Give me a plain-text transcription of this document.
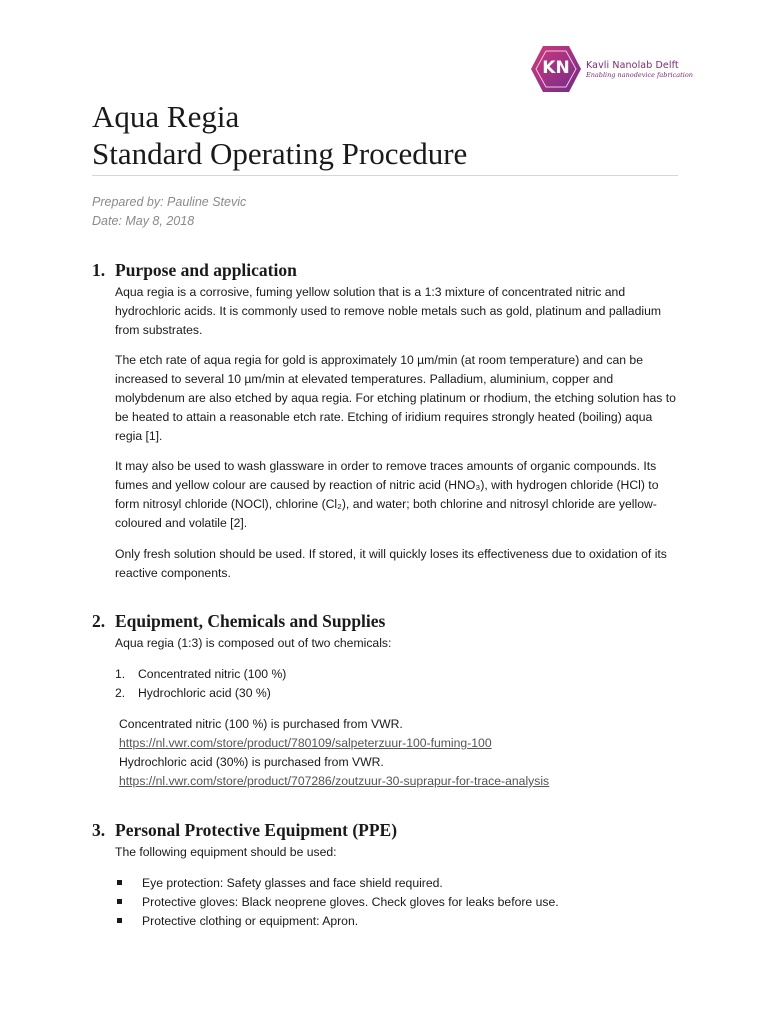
KN	Kavli Nanolab Delft
Enabling nanodevice fabrication
Aqua Regia
Standard Operating Procedure
Prepared by: Pauline Stevic
Date: May 8, 2018
1. Purpose and application
Aqua regia is a corrosive, fuming yellow solution that is a 1:3 mixture of concentrated nitric and hydrochloric acids. It is commonly used to remove noble metals such as gold, platinum and palladium from substrates.
The etch rate of aqua regia for gold is approximately 10 µm/min (at room temperature) and can be increased to several 10 µm/min at elevated temperatures. Palladium, aluminium, copper and molybdenum are also etched by aqua regia. For etching platinum or rhodium, the etching solution has to be heated to attain a reasonable etch rate. Etching of iridium requires strongly heated (boiling) aqua regia [1].
It may also be used to wash glassware in order to remove traces amounts of organic compounds. Its fumes and yellow colour are caused by reaction of nitric acid (HNO₃), with hydrogen chloride (HCl) to form nitrosyl chloride (NOCl), chlorine (Cl₂), and water; both chlorine and nitrosyl chloride are yellow-coloured and volatile [2].
Only fresh solution should be used. If stored, it will quickly loses its effectiveness due to oxidation of its reactive components.
2. Equipment, Chemicals and Supplies
Aqua regia (1:3) is composed out of two chemicals:
1. Concentrated nitric (100 %)
2. Hydrochloric acid (30 %)
Concentrated nitric (100 %) is purchased from VWR.
https://nl.vwr.com/store/product/780109/salpeterzuur-100-fuming-100
Hydrochloric acid (30%) is purchased from VWR.
https://nl.vwr.com/store/product/707286/zoutzuur-30-suprapur-for-trace-analysis
3. Personal Protective Equipment (PPE)
The following equipment should be used:
Eye protection: Safety glasses and face shield required.
Protective gloves: Black neoprene gloves. Check gloves for leaks before use.
Protective clothing or equipment: Apron.
